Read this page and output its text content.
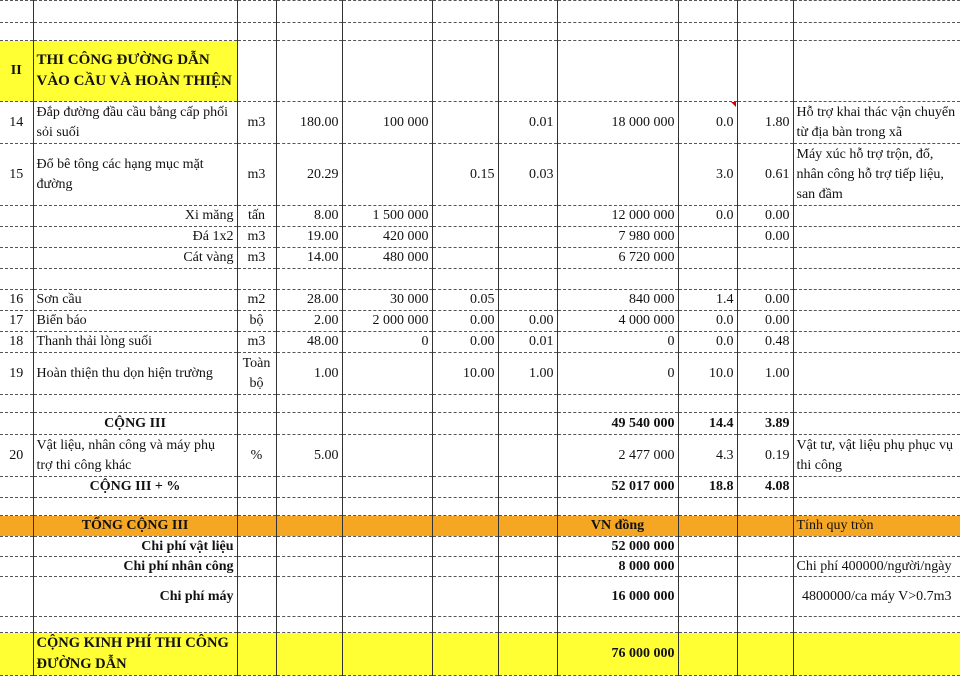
II	THI CÔNG ĐƯỜNG DẪN VÀO CẦU VÀ HOÀN THIỆN									
14	Đắp đường đầu cầu bằng cấp phối sỏi suối	m3	180.00	100 000		0.01	18 000 000	0.0	1.80	Hỗ trợ khai thác vận chuyển từ địa bàn trong xã
15	Đổ bê tông các hạng mục mặt đường	m3	20.29		0.15	0.03		3.0	0.61	Máy xúc hỗ trợ trộn, đổ, nhân công hỗ trợ tiếp liệu, san đầm
	Xi măng	tấn	8.00	1 500 000			12 000 000	0.0	0.00	
	Đá 1x2	m3	19.00	420 000			7 980 000		0.00	
	Cát vàng	m3	14.00	480 000			6 720 000			

16	Sơn cầu	m2	28.00	30 000	0.05		840 000	1.4	0.00	
17	Biển báo	bộ	2.00	2 000 000	0.00	0.00	4 000 000	0.0	0.00	
18	Thanh thải lòng suối	m3	48.00	0	0.00	0.01	0	0.0	0.48	
19	Hoàn thiện thu dọn hiện trường	Toàn bộ	1.00		10.00	1.00	0	10.0	1.00	

	CỘNG III						49 540 000	14.4	3.89	
20	Vật liệu, nhân công và máy phụ trợ thi công khác	%	5.00				2 477 000	4.3	0.19	Vật tư, vật liệu phụ phục vụ thi công
	CỘNG III + %						52 017 000	18.8	4.08	

	TỔNG CỘNG III						VN đồng			Tính quy tròn
	Chi phí vật liệu						52 000 000			
	Chi phí nhân công						8 000 000			Chi phí 400000/người/ngày
	Chi phí máy						16 000 000			4800000/ca máy V>0.7m3

	CỘNG KINH PHÍ THI CÔNG ĐƯỜNG DẪN						76 000 000			
